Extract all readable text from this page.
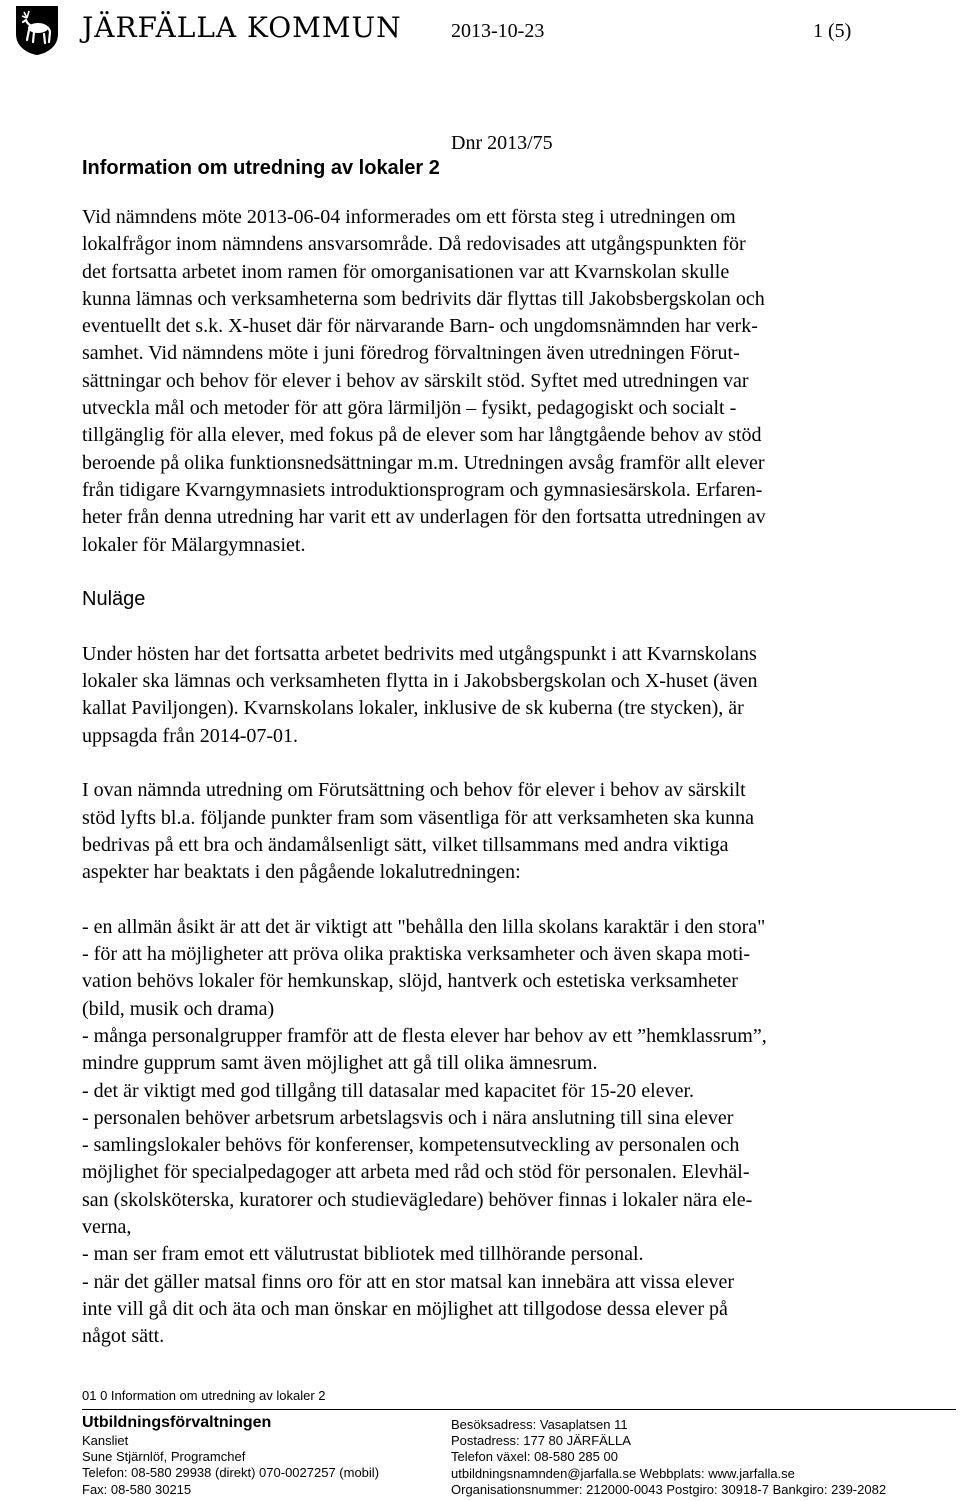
JÄRFÄLLA KOMMUN 2013-10-23	1 (5)
Dnr 2013/75
Information om utredning av lokaler 2
Vid nämndens möte 2013-06-04 informerades om ett första steg i utredningen om
lokalfrågor inom nämndens ansvarsområde. Då redovisades att utgångspunkten för
det fortsatta arbetet inom ramen för omorganisationen var att Kvarnskolan skulle
kunna lämnas och verksamheterna som bedrivits där flyttas till Jakobsbergskolan och
eventuellt det s.k. X-huset där för närvarande Barn- och ungdomsnämnden har verk-
samhet. Vid nämndens möte i juni föredrog förvaltningen även utredningen Förut-
sättningar och behov för elever i behov av särskilt stöd. Syftet med utredningen var
utveckla mål och metoder för att göra lärmiljön – fysikt, pedagogiskt och socialt -
tillgänglig för alla elever, med fokus på de elever som har långtgående behov av stöd
beroende på olika funktionsnedsättningar m.m. Utredningen avsåg framför allt elever
från tidigare Kvarngymnasiets introduktionsprogram och gymnasiesärskola. Erfaren-
heter från denna utredning har varit ett av underlagen för den fortsatta utredningen av
lokaler för Mälargymnasiet.
Nuläge
Under hösten har det fortsatta arbetet bedrivits med utgångspunkt i att Kvarnskolans
lokaler ska lämnas och verksamheten flytta in i Jakobsbergskolan och X-huset (även
kallat Paviljongen). Kvarnskolans lokaler, inklusive de sk kuberna (tre stycken), är
uppsagda från 2014-07-01.
I ovan nämnda utredning om Förutsättning och behov för elever i behov av särskilt
stöd lyfts bl.a. följande punkter fram som väsentliga för att verksamheten ska kunna
bedrivas på ett bra och ändamålsenligt sätt, vilket tillsammans med andra viktiga
aspekter har beaktats i den pågående lokalutredningen:
- en allmän åsikt är att det är viktigt att "behålla den lilla skolans karaktär i den stora"
- för att ha möjligheter att pröva olika praktiska verksamheter och även skapa moti-
vation behövs lokaler för hemkunskap, slöjd, hantverk och estetiska verksamheter
(bild, musik och drama)
- många personalgrupper framför att de flesta elever har behov av ett ”hemklassrum”,
mindre gupprum samt även möjlighet att gå till olika ämnesrum.
- det är viktigt med god tillgång till datasalar med kapacitet för 15-20 elever.
- personalen behöver arbetsrum arbetslagsvis och i nära anslutning till sina elever
- samlingslokaler behövs för konferenser, kompetensutveckling av personalen och
möjlighet för specialpedagoger att arbeta med råd och stöd för personalen. Elevhäl-
san (skolsköterska, kuratorer och studievägledare) behöver finnas i lokaler nära ele-
verna,
- man ser fram emot ett välutrustat bibliotek med tillhörande personal.
- när det gäller matsal finns oro för att en stor matsal kan innebära att vissa elever
inte vill gå dit och äta och man önskar en möjlighet att tillgodose dessa elever på
något sätt.
01 0 Information om utredning av lokaler 2
Utbildningsförvaltningen
Kansliet
Sune Stjärnlöf, Programchef
Telefon: 08-580 29938 (direkt) 070-0027257 (mobil)
Fax: 08-580 30215
Besöksadress: Vasaplatsen 11
Postadress: 177 80 JÄRFÄLLA
Telefon växel: 08-580 285 00
utbildningsnamnden@jarfalla.se Webbplats: www.jarfalla.se
Organisationsnummer: 212000-0043 Postgiro: 30918-7 Bankgiro: 239-2082
